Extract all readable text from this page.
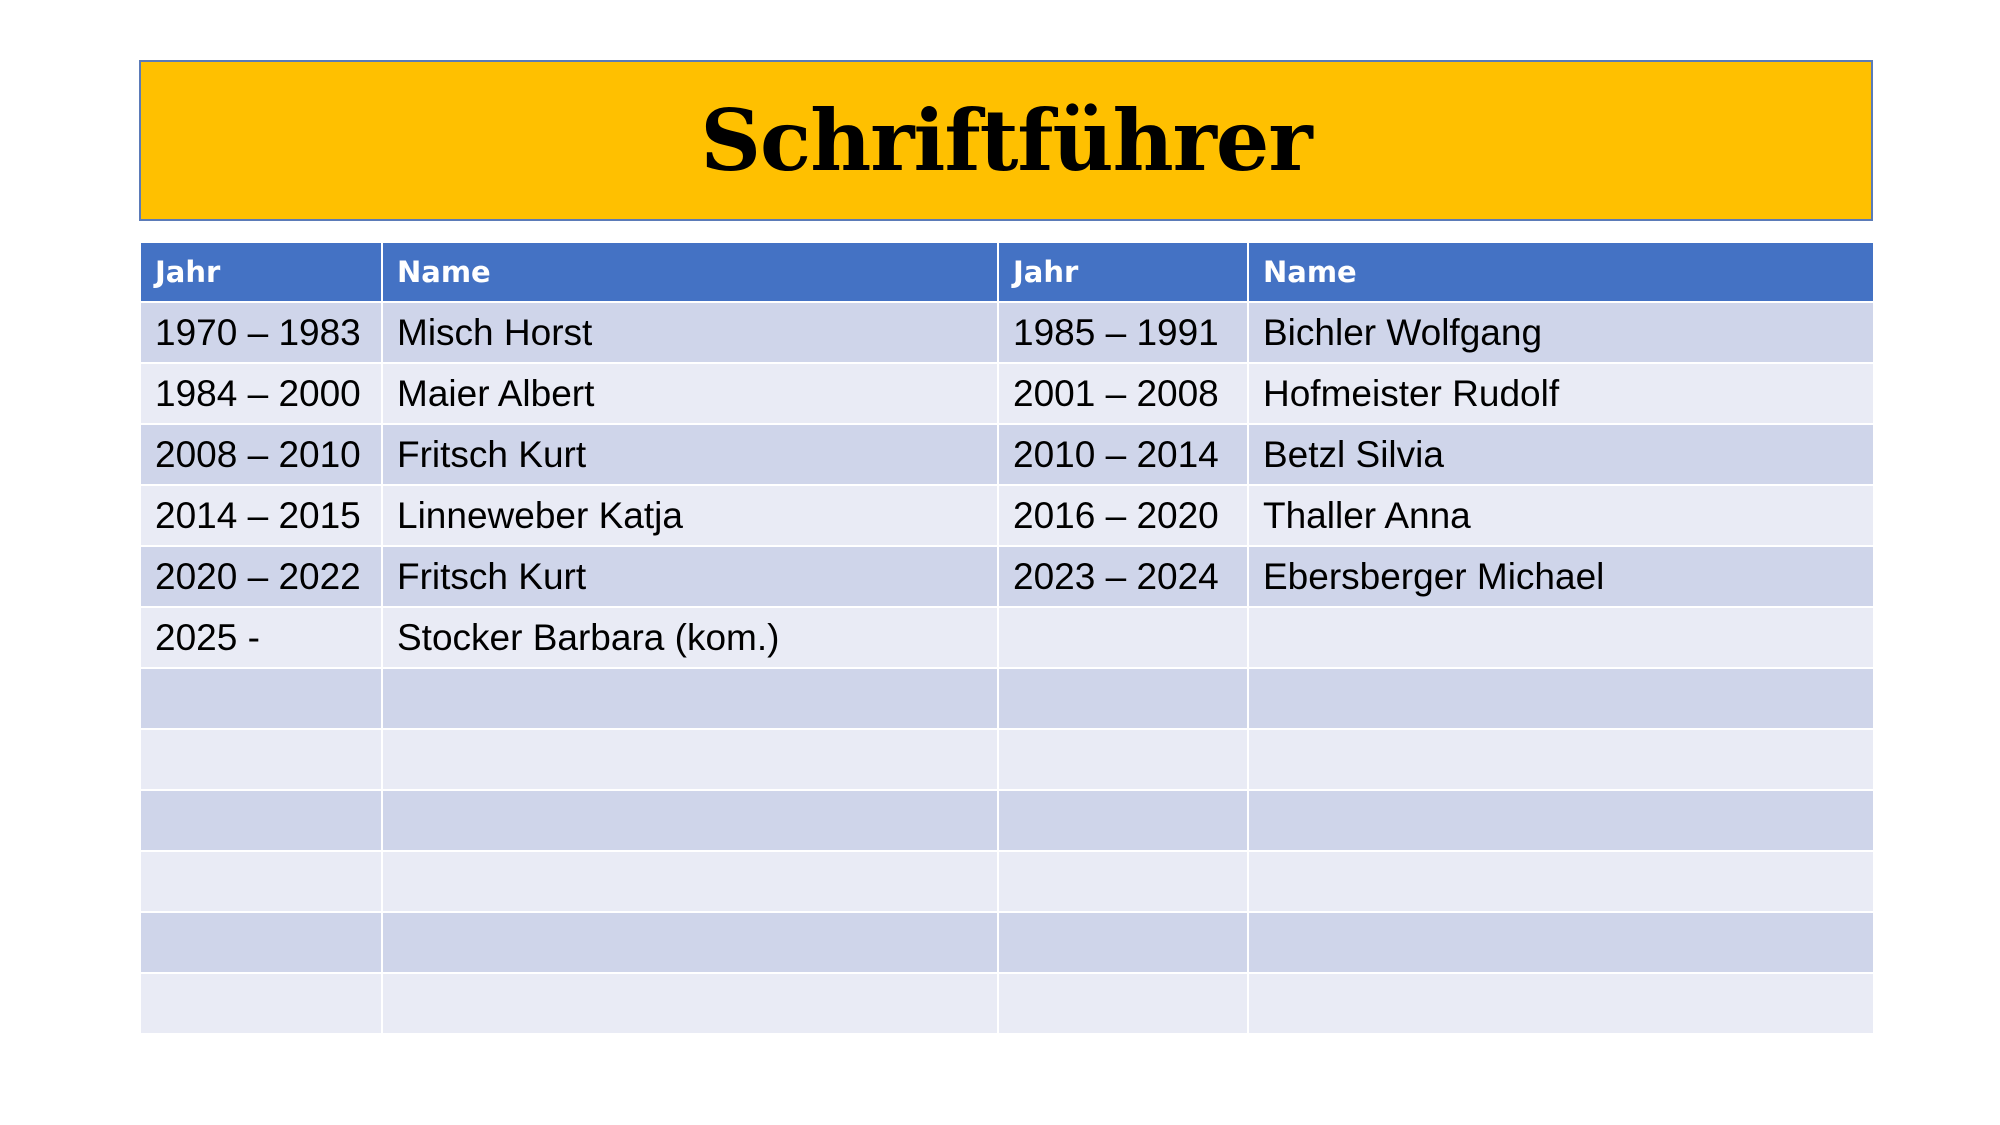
Schriftführer
Jahr	Name	Jahr	Name
1970 – 1983	Misch Horst	1985 – 1991	Bichler Wolfgang
1984 – 2000	Maier Albert	2001 – 2008	Hofmeister Rudolf
2008 – 2010	Fritsch Kurt	2010 – 2014	Betzl Silvia
2014 – 2015	Linneweber Katja	2016 – 2020	Thaller Anna
2020 – 2022	Fritsch Kurt	2023 – 2024	Ebersberger Michael
2025 -	Stocker Barbara (kom.)		
